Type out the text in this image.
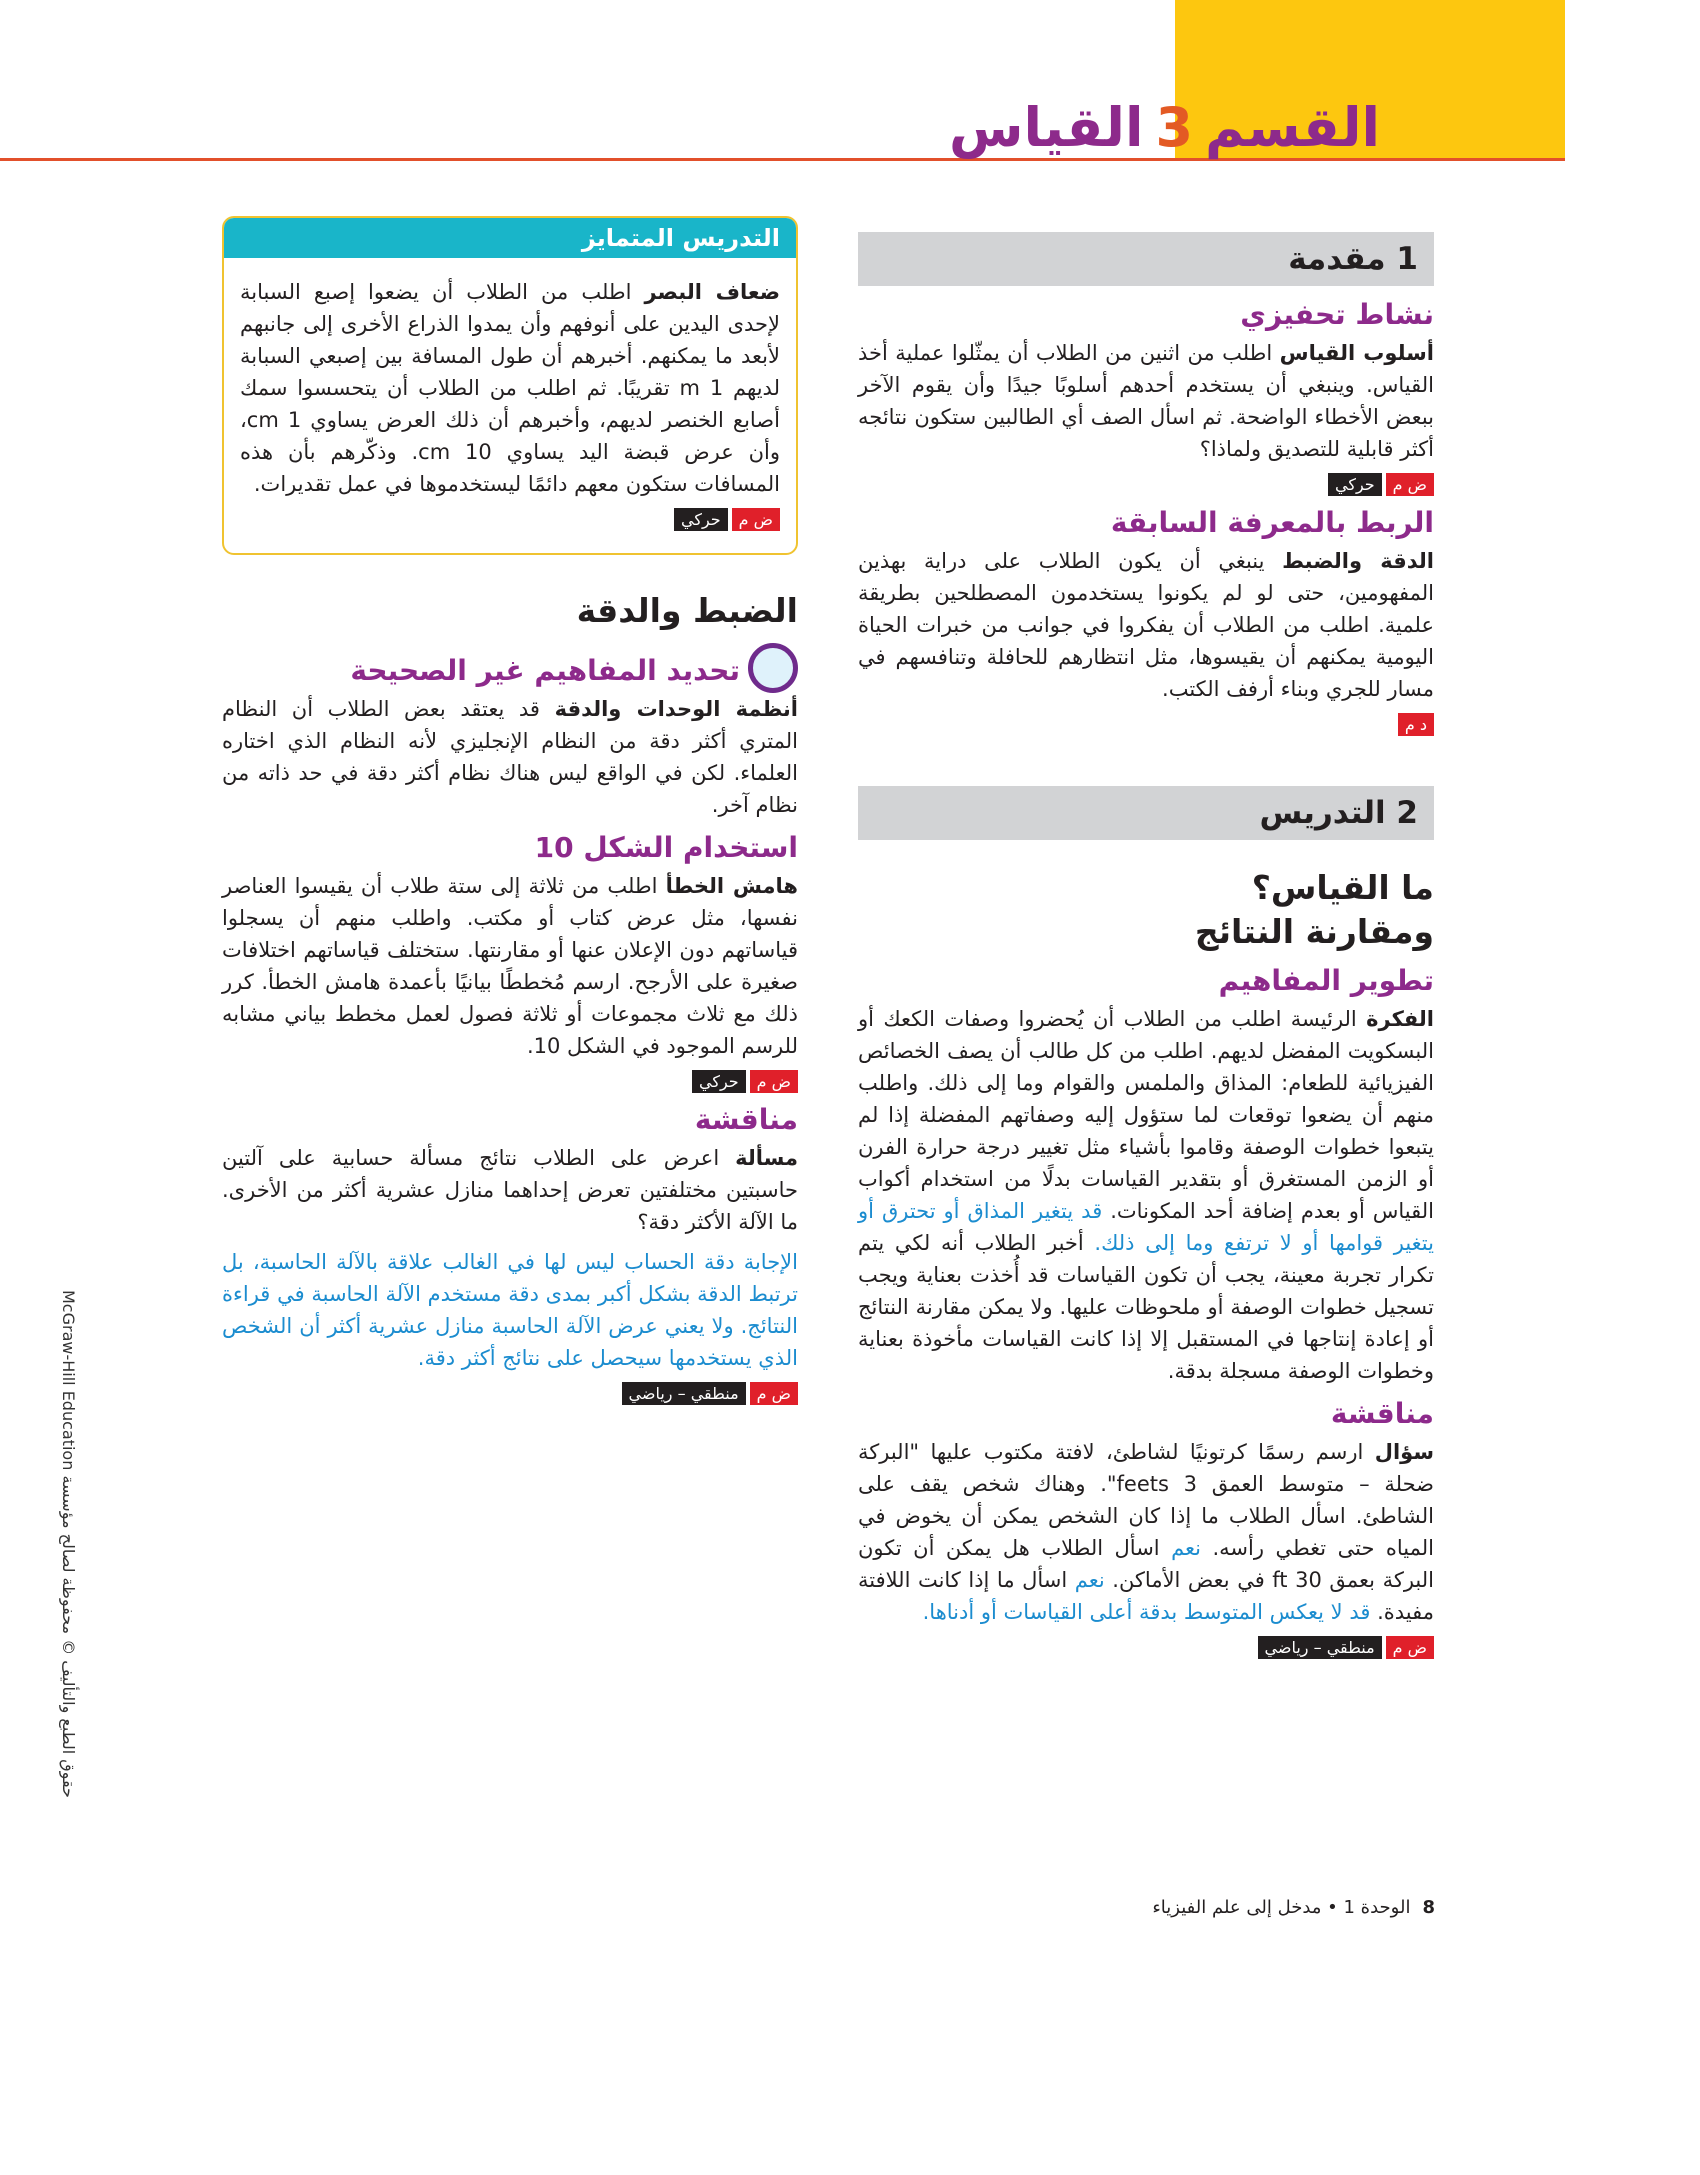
القسم3القياس
حقوق الطبع والتأليف © محفوظة لصالح مؤسسة McGraw-Hill Education
1 مقدمة
نشاط تحفيزي

أسلوب القياس اطلب من اثنين من الطلاب أن يمثّلوا عملية أخذ القياس. وينبغي أن يستخدم أحدهم أسلوبًا جيدًا وأن يقوم الآخر ببعض الأخطاء الواضحة. ثم اسأل الصف أي الطالبين ستكون نتائجه أكثر قابلية للتصديق ولماذا؟

ض م
حركي
الربط بالمعرفة السابقة

الدقة والضبط ينبغي أن يكون الطلاب على دراية بهذين المفهومين، حتى لو لم يكونوا يستخدمون المصطلحين بطريقة علمية. اطلب من الطلاب أن يفكروا في جوانب من خبرات الحياة اليومية يمكنهم أن يقيسوها، مثل انتظارهم للحافلة وتنافسهم في مسار للجري وبناء أرفف الكتب.

د م
2 التدريس
ما القياس؟
ومقارنة النتائج
تطوير المفاهيم

الفكرة الرئيسة اطلب من الطلاب أن يُحضروا وصفات الكعك أو البسكويت المفضل لديهم. اطلب من كل طالب أن يصف الخصائص الفيزيائية للطعام: المذاق والملمس والقوام وما إلى ذلك. واطلب منهم أن يضعوا توقعات لما ستؤول إليه وصفاتهم المفضلة إذا لم يتبعوا خطوات الوصفة وقاموا بأشياء مثل تغيير درجة حرارة الفرن أو الزمن المستغرق أو بتقدير القياسات بدلًا من استخدام أكواب القياس أو بعدم إضافة أحد المكونات. قد يتغير المذاق أو تحترق أو يتغير قوامها أو لا ترتفع وما إلى ذلك. أخبر الطلاب أنه لكي يتم تكرار تجربة معينة، يجب أن تكون القياسات قد أُخذت بعناية ويجب تسجيل خطوات الوصفة أو ملحوظات عليها. ولا يمكن مقارنة النتائج أو إعادة إنتاجها في المستقبل إلا إذا كانت القياسات مأخوذة بعناية وخطوات الوصفة مسجلة بدقة.

مناقشة

سؤال ارسم رسمًا كرتونيًا لشاطئ، لافتة مكتوب عليها "البركة ضحلة – متوسط العمق 3 feets". وهناك شخص يقف على الشاطئ. اسأل الطلاب ما إذا كان الشخص يمكن أن يخوض في المياه حتى تغطي رأسه. نعم اسأل الطلاب هل يمكن أن تكون البركة بعمق 30 ft في بعض الأماكن. نعم اسأل ما إذا كانت اللافتة مفيدة. قد لا يعكس المتوسط بدقة أعلى القياسات أو أدناها.

ض م
منطقي – رياضي
التدريس المتمايز

ضعاف البصر اطلب من الطلاب أن يضعوا إصبع السبابة لإحدى اليدين على أنوفهم وأن يمدوا الذراع الأخرى إلى جانبهم لأبعد ما يمكنهم. أخبرهم أن طول المسافة بين إصبعي السبابة لديهم 1 m تقريبًا. ثم اطلب من الطلاب أن يتحسسوا سمك أصابع الخنصر لديهم، وأخبرهم أن ذلك العرض يساوي 1 cm، وأن عرض قبضة اليد يساوي 10 cm. وذكّرهم بأن هذه المسافات ستكون معهم دائمًا ليستخدموها في عمل تقديرات.

ض م
حركي
الضبط والدقة
تحديد المفاهيم غير الصحيحة

أنظمة الوحدات والدقة قد يعتقد بعض الطلاب أن النظام المتري أكثر دقة من النظام الإنجليزي لأنه النظام الذي اختاره العلماء. لكن في الواقع ليس هناك نظام أكثر دقة في حد ذاته من نظام آخر.

استخدام الشكل 10

هامش الخطأ اطلب من ثلاثة إلى ستة طلاب أن يقيسوا العناصر نفسها، مثل عرض كتاب أو مكتب. واطلب منهم أن يسجلوا قياساتهم دون الإعلان عنها أو مقارنتها. ستختلف قياساتهم اختلافات صغيرة على الأرجح. ارسم مُخططًا بيانيًا بأعمدة هامش الخطأ. كرر ذلك مع ثلاث مجموعات أو ثلاثة فصول لعمل مخطط بياني مشابه للرسم الموجود في الشكل 10.

ض م
حركي
مناقشة

مسألة اعرض على الطلاب نتائج مسألة حسابية على آلتين حاسبتين مختلفتين تعرض إحداهما منازل عشرية أكثر من الأخرى. ما الآلة الأكثر دقة؟

الإجابة دقة الحساب ليس لها في الغالب علاقة بالآلة الحاسبة، بل ترتبط الدقة بشكل أكبر بمدى دقة مستخدم الآلة الحاسبة في قراءة النتائج. ولا يعني عرض الآلة الحاسبة منازل عشرية أكثر أن الشخص الذي يستخدمها سيحصل على نتائج أكثر دقة.

ض م
منطقي – رياضي
8الوحدة 1 • مدخل إلى علم الفيزياء
